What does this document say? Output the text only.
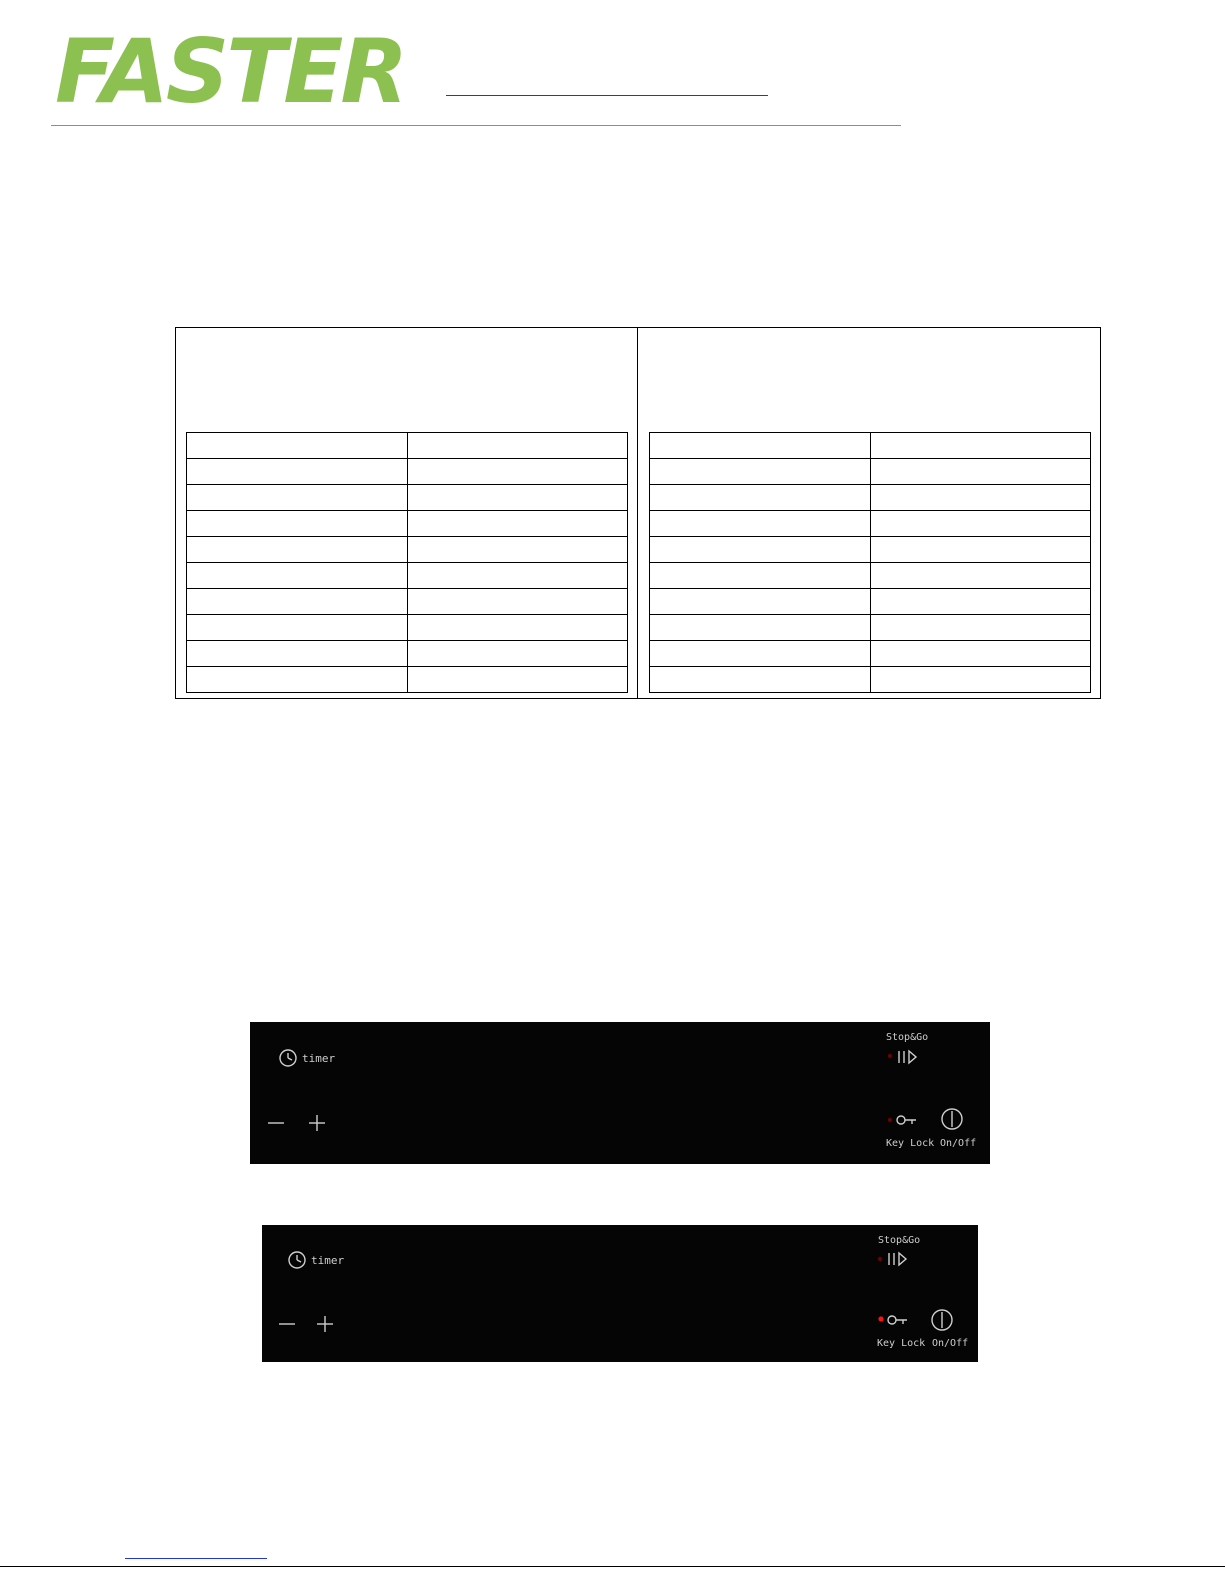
FASTER

timer
Stop&Go
Key Lock On/Off
timer
Stop&Go
Key Lock On/Off
